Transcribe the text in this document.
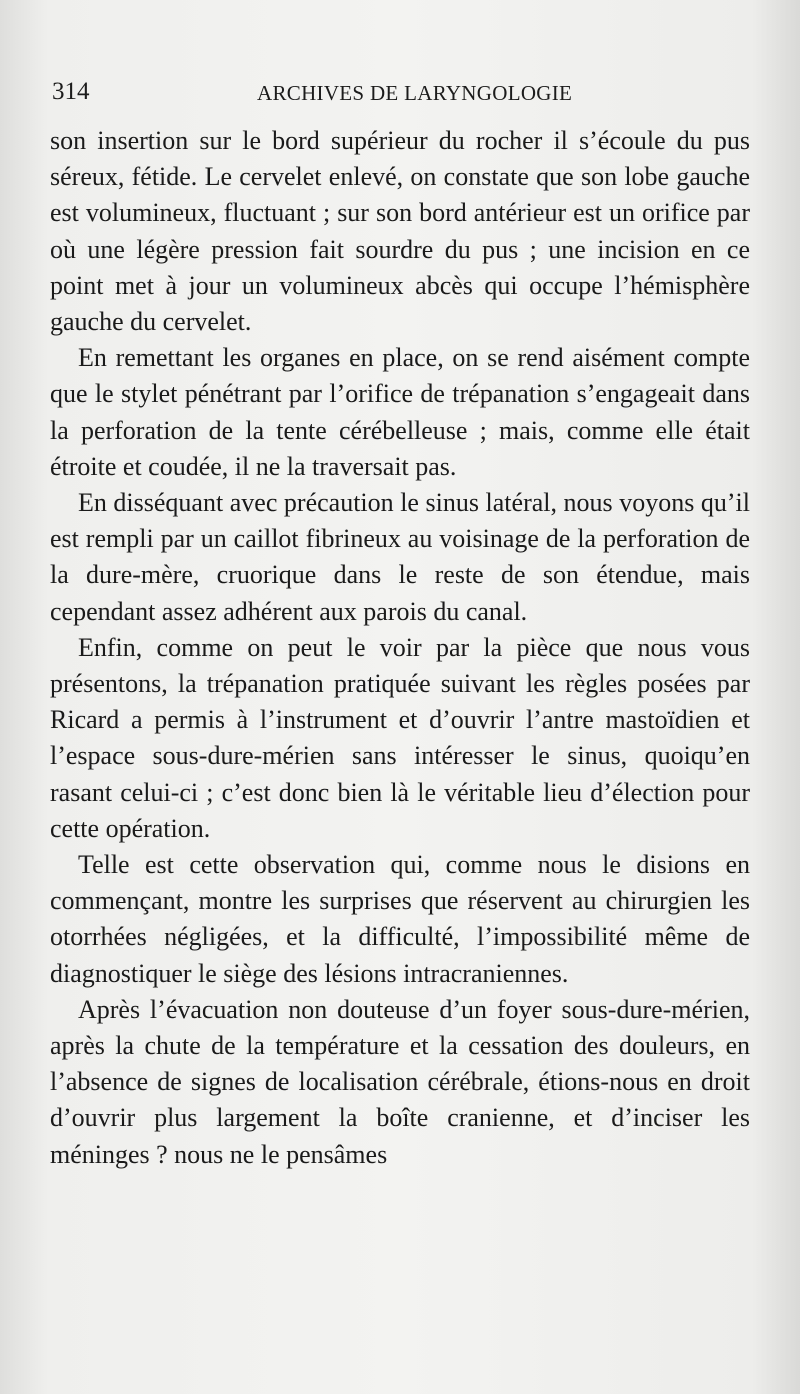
314	ARCHIVES DE LARYNGOLOGIE

son insertion sur le bord supérieur du rocher il s’écoule du pus séreux, fétide. Le cervelet enlevé, on constate que son lobe gauche est volumineux, fluctuant ; sur son bord antérieur est un orifice par où une légère pression fait sourdre du pus ; une incision en ce point met à jour un volumineux abcès qui occupe l’hémisphère gauche du cervelet.

En remettant les organes en place, on se rend aisément compte que le stylet pénétrant par l’orifice de trépanation s’engageait dans la perforation de la tente cérébelleuse ; mais, comme elle était étroite et coudée, il ne la traversait pas.

En disséquant avec précaution le sinus latéral, nous voyons qu’il est rempli par un caillot fibrineux au voisinage de la perforation de la dure-mère, cruorique dans le reste de son étendue, mais cependant assez adhérent aux parois du canal.

Enfin, comme on peut le voir par la pièce que nous vous présentons, la trépanation pratiquée suivant les règles posées par Ricard a permis à l’instrument et d’ouvrir l’antre mastoïdien et l’espace sous-dure-mérien sans intéresser le sinus, quoiqu’en rasant celui-ci ; c’est donc bien là le véritable lieu d’élection pour cette opération.

Telle est cette observation qui, comme nous le disions en commençant, montre les surprises que réservent au chirurgien les otorrhées négligées, et la difficulté, l’impossibilité même de diagnostiquer le siège des lésions intracraniennes.

Après l’évacuation non douteuse d’un foyer sous-dure-mérien, après la chute de la température et la cessation des douleurs, en l’absence de signes de localisation cérébrale, étions-nous en droit d’ouvrir plus largement la boîte cranienne, et d’inciser les méninges ? nous ne le pensâmes
